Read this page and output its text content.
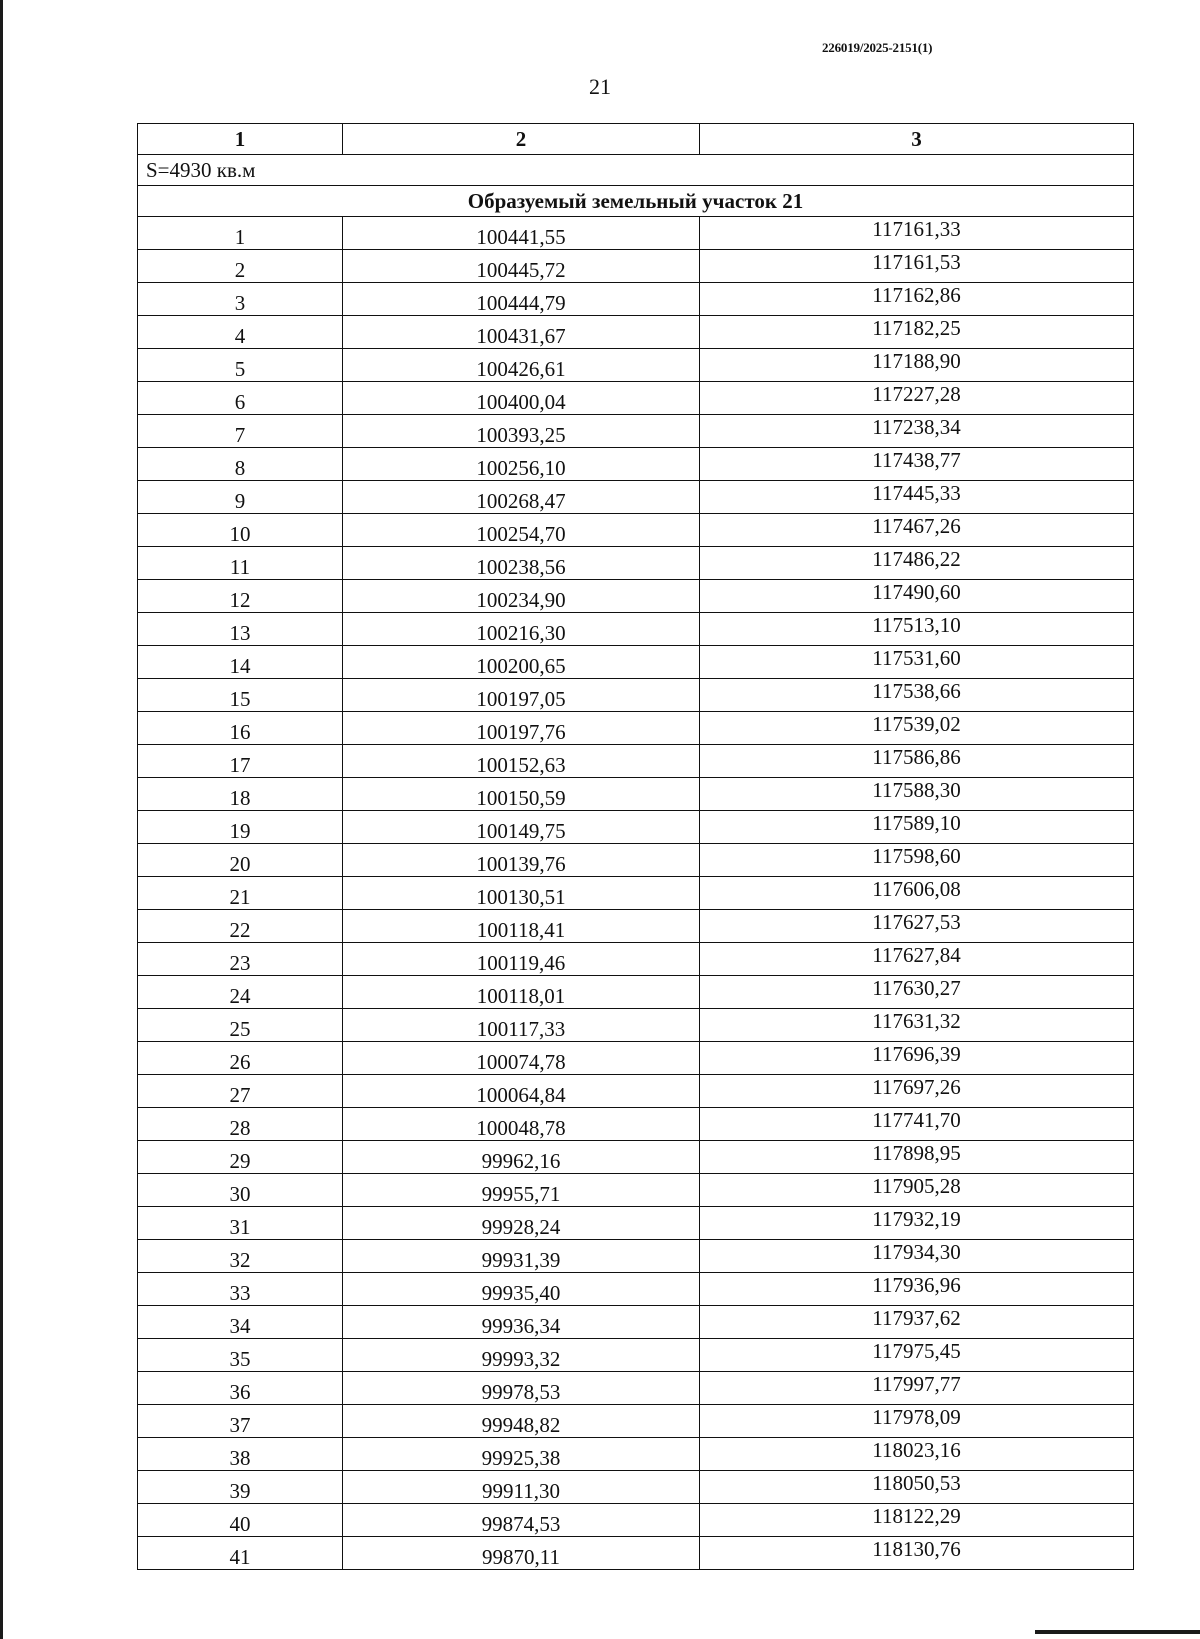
226019/2025-2151(1)
21
1	2	3
S=4930 кв.м		
Образуемый земельный участок 21		
1	100441,55	117161,33
2	100445,72	117161,53
3	100444,79	117162,86
4	100431,67	117182,25
5	100426,61	117188,90
6	100400,04	117227,28
7	100393,25	117238,34
8	100256,10	117438,77
9	100268,47	117445,33
10	100254,70	117467,26
11	100238,56	117486,22
12	100234,90	117490,60
13	100216,30	117513,10
14	100200,65	117531,60
15	100197,05	117538,66
16	100197,76	117539,02
17	100152,63	117586,86
18	100150,59	117588,30
19	100149,75	117589,10
20	100139,76	117598,60
21	100130,51	117606,08
22	100118,41	117627,53
23	100119,46	117627,84
24	100118,01	117630,27
25	100117,33	117631,32
26	100074,78	117696,39
27	100064,84	117697,26
28	100048,78	117741,70
29	99962,16	117898,95
30	99955,71	117905,28
31	99928,24	117932,19
32	99931,39	117934,30
33	99935,40	117936,96
34	99936,34	117937,62
35	99993,32	117975,45
36	99978,53	117997,77
37	99948,82	117978,09
38	99925,38	118023,16
39	99911,30	118050,53
40	99874,53	118122,29
41	99870,11	118130,76
